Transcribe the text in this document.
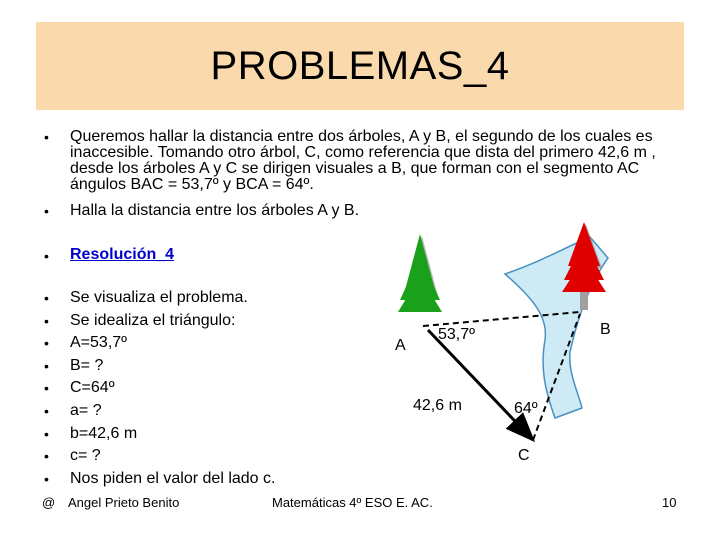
PROBLEMAS_4
• Queremos hallar la distancia entre dos árboles, A y B, el segundo de los cuales es inaccesible. Tomando otro árbol, C, como referencia que dista del primero 42,6 m , desde los árboles A y C se dirigen visuales a B, que forman con el segmento AC ángulos BAC = 53,7º y BCA = 64º.
• Halla la distancia entre los árboles A y B.
• Resolución_4
• Se visualiza el problema.
• Se idealiza el triángulo:
• A=53,7º
• B= ?
• C=64º
• a= ?
• b=42,6 m
• c= ?
• Nos piden el valor del lado c.
A
B
C
53,7º
42,6 m	64º
@ Angel Prieto Benito	Matemáticas 4º ESO E. AC.	10
